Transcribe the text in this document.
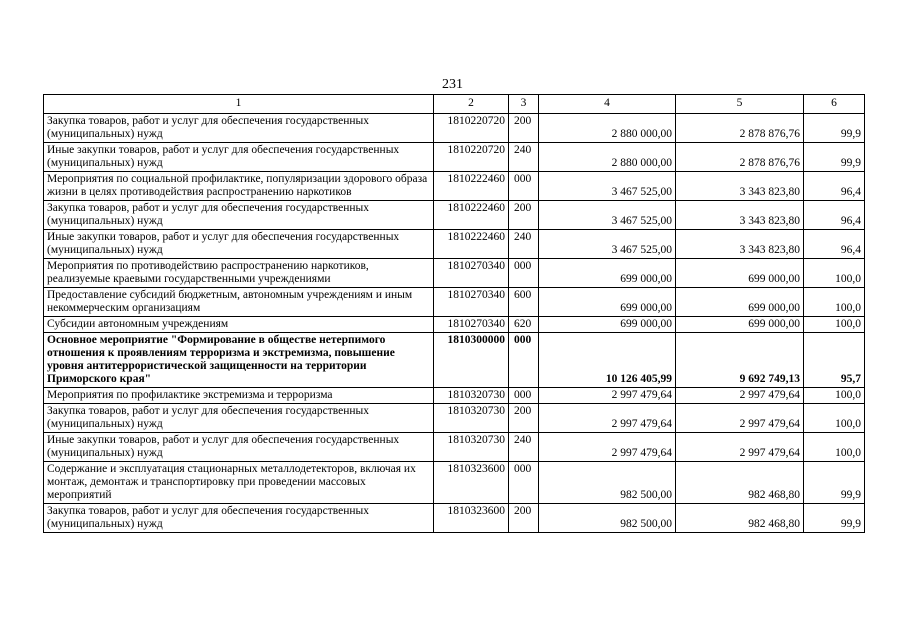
231
1	2	3	4	5	6
Закупка товаров, работ и услуг для обеспечения государственных (муниципальных) нужд	1810220720	200	2 880 000,00	2 878 876,76	99,9
Иные закупки товаров, работ и услуг для обеспечения государственных (муниципальных) нужд	1810220720	240	2 880 000,00	2 878 876,76	99,9
Мероприятия по социальной профилактике, популяризации здорового образа жизни в целях противодействия распространению наркотиков	1810222460	000	3 467 525,00	3 343 823,80	96,4
Закупка товаров, работ и услуг для обеспечения государственных (муниципальных) нужд	1810222460	200	3 467 525,00	3 343 823,80	96,4
Иные закупки товаров, работ и услуг для обеспечения государственных (муниципальных) нужд	1810222460	240	3 467 525,00	3 343 823,80	96,4
Мероприятия по противодействию распространению наркотиков, реализуемые краевыми государственными учреждениями	1810270340	000	699 000,00	699 000,00	100,0
Предоставление субсидий бюджетным, автономным учреждениям и иным некоммерческим организациям	1810270340	600	699 000,00	699 000,00	100,0
Субсидии автономным учреждениям	1810270340	620	699 000,00	699 000,00	100,0
Основное мероприятие "Формирование в обществе нетерпимого отношения к проявлениям терроризма и экстремизма, повышение уровня антитеррористической защищенности на территории Приморского края"	1810300000	000	10 126 405,99	9 692 749,13	95,7
Мероприятия по профилактике экстремизма и терроризма	1810320730	000	2 997 479,64	2 997 479,64	100,0
Закупка товаров, работ и услуг для обеспечения государственных (муниципальных) нужд	1810320730	200	2 997 479,64	2 997 479,64	100,0
Иные закупки товаров, работ и услуг для обеспечения государственных (муниципальных) нужд	1810320730	240	2 997 479,64	2 997 479,64	100,0
Содержание и эксплуатация стационарных металлодетекторов, включая их монтаж, демонтаж и транспортировку при проведении массовых мероприятий	1810323600	000	982 500,00	982 468,80	99,9
Закупка товаров, работ и услуг для обеспечения государственных (муниципальных) нужд	1810323600	200	982 500,00	982 468,80	99,9
